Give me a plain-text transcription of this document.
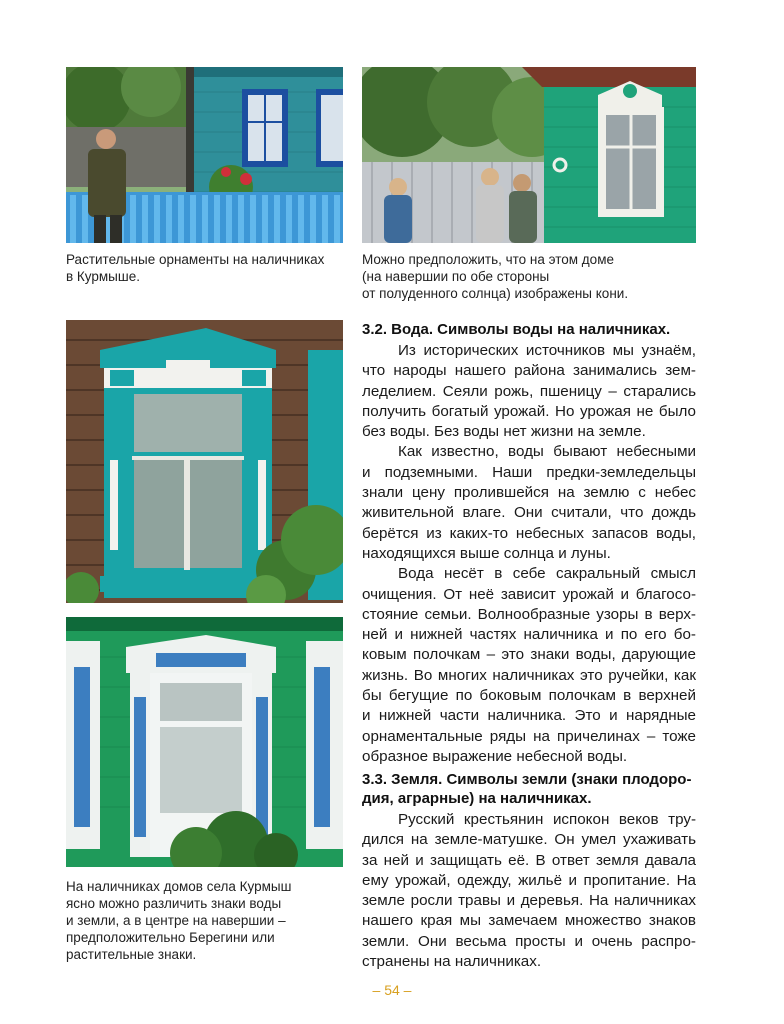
Растительные орнаменты на наличниках
в Курмыше.
Можно предположить, что на этом доме
(на навершии по обе стороны
от полуденного солнца) изображены кони.
На наличниках домов села Курмыш
ясно можно различить знаки воды
и земли, а в центре на навершии –
предположительно Берегини или
растительные знаки.
3.2. Вода. Символы воды на наличниках.
Из исторических источников мы узнаём,
что народы нашего района занимались зем-
леделием. Сеяли рожь, пшеницу – старались
получить богатый урожай. Но урожая не было
без воды. Без воды нет жизни на земле.
Как известно, воды бывают небесными
и подземными. Наши предки-земледельцы
знали цену пролившейся на землю с небес
живительной влаге. Они считали, что дождь
берётся из каких-то небесных запасов воды,
находящихся выше солнца и луны.
Вода несёт в себе сакральный смысл
очищения. От неё зависит урожай и благосо-
стояние семьи. Волнообразные узоры в верх-
ней и нижней частях наличника и по его бо-
ковым полочкам – это знаки воды, дарующие
жизнь. Во многих наличниках это ручейки, как
бы бегущие по боковым полочкам в верхней
и нижней части наличника. Это и нарядные
орнаментальные ряды на причелинах – тоже
образное выражение небесной воды.
3.3. Земля. Символы земли (знаки плодоро-
дия, аграрные) на наличниках.
Русский крестьянин испокон веков тру-
дился на земле-матушке. Он умел ухаживать
за ней и защищать её. В ответ земля давала
ему урожай, одежду, жильё и пропитание. На
земле росли травы и деревья. На наличниках
нашего края мы замечаем множество знаков
земли. Они весьма просты и очень распро-
странены на наличниках.
– 54 –
